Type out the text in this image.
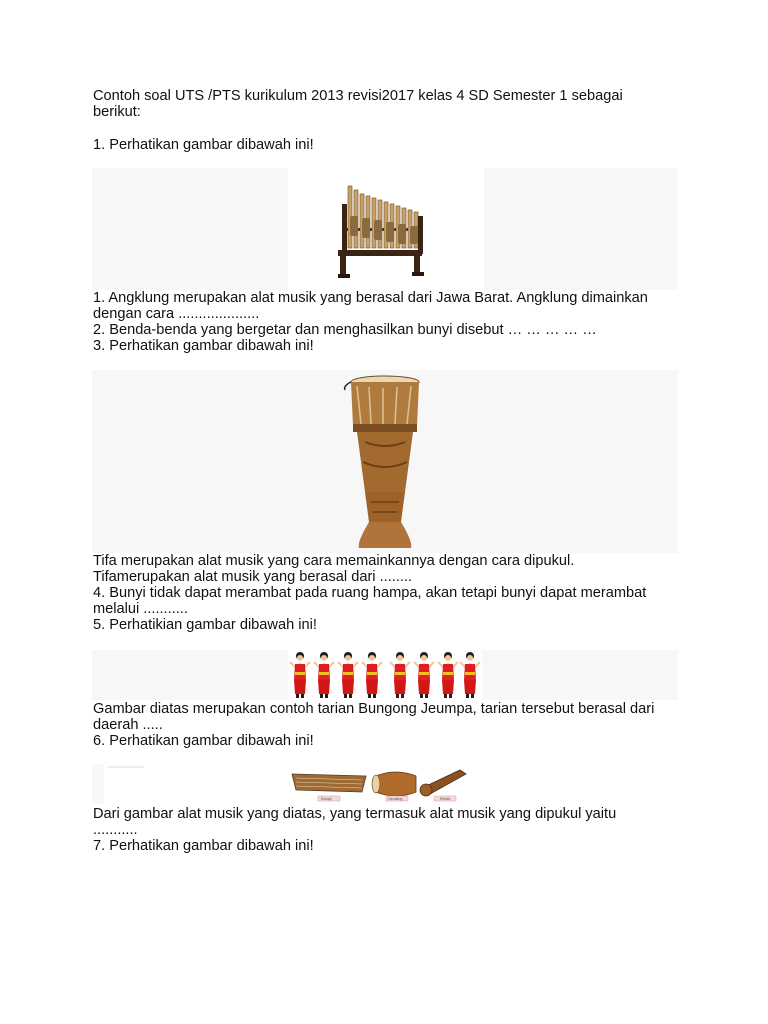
Contoh soal UTS /PTS kurikulum 2013 revisi2017 kelas 4 SD Semester 1 sebagai
berikut:
1. Perhatikan gambar dibawah ini!
1. Angklung merupakan alat musik yang berasal dari Jawa Barat. Angklung dimainkan
dengan cara ....................
2. Benda-benda yang bergetar dan menghasilkan bunyi disebut … … … … …
3. Perhatikan gambar dibawah ini!
Tifa merupakan alat musik yang cara memainkannya dengan cara dipukul.
Tifamerupakan alat musik yang berasal dari ........
4. Bunyi tidak dapat merambat pada ruang hampa, akan tetapi bunyi dapat merambat
melalui ...........
5. Perhatikian gambar dibawah ini!
Gambar diatas merupakan contoh tarian Bungong Jeumpa, tarian tersebut berasal dari
daerah .....
6. Perhatikan gambar dibawah ini!
Kecapi	Gendang	Rebab
Dari gambar alat musik yang diatas, yang termasuk alat musik yang dipukul yaitu
...........
7. Perhatikan gambar dibawah ini!
